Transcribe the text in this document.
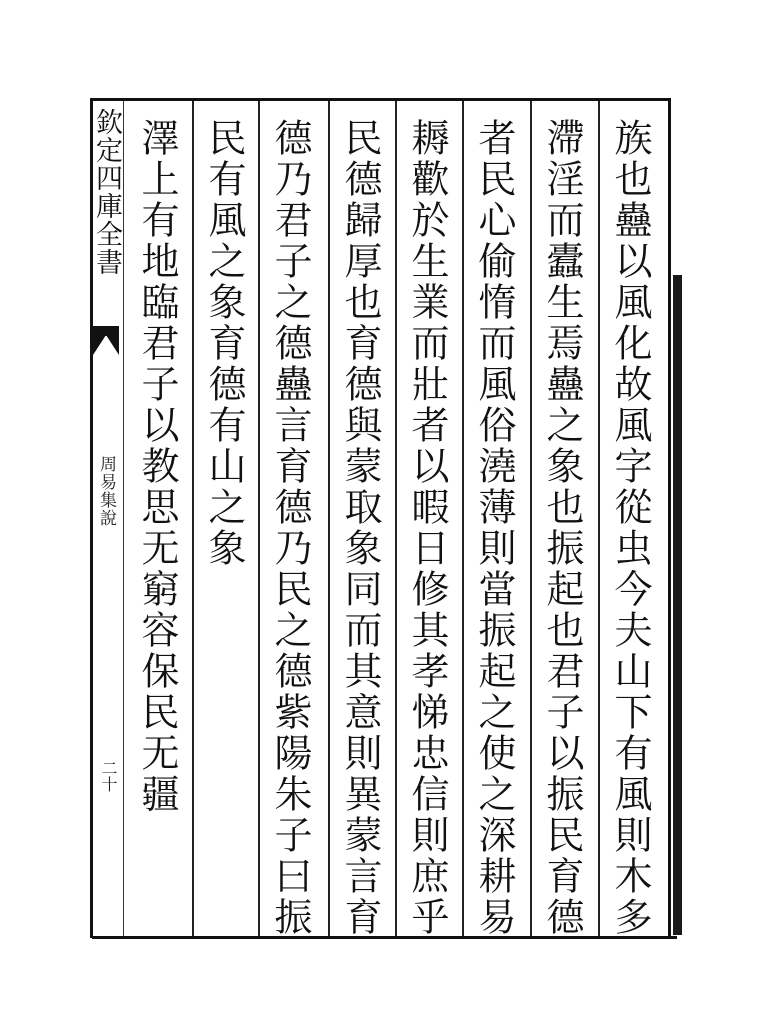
欽定四庫全書
周易集說
二十	族也蠱以風化故風字從虫今夫山下有風則木多
滯淫而蠹生焉蠱之象也振起也君子以振民育德
者民心偷惰而風俗澆薄則當振起之使之深耕易
耨歡於生業而壯者以暇日修其孝悌忠信則庶乎
民德歸厚也育德與蒙取象同而其意則異蒙言育
德乃君子之德蠱言育德乃民之德紫陽朱子曰振
民有風之象育德有山之象
澤上有地臨君子以教思无窮容保民无疆
